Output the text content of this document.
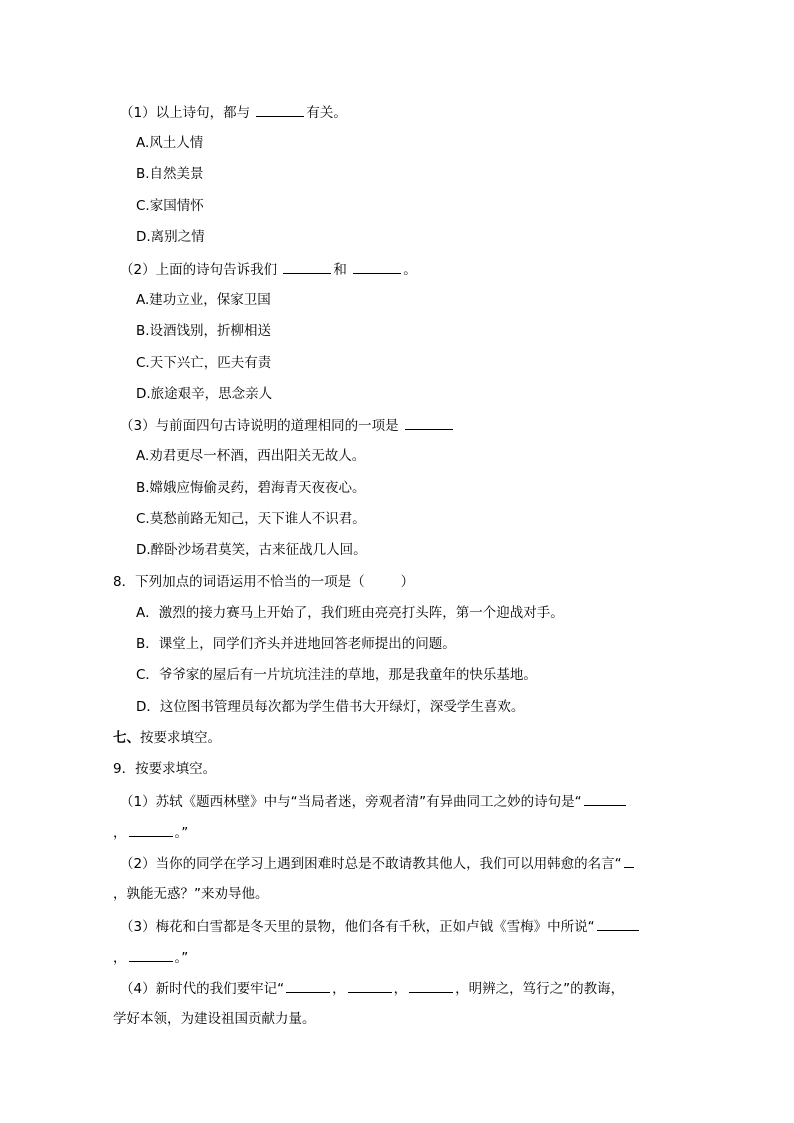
（1）以上诗句，都与	有关。
A.风土人情
B.自然美景
C.家国情怀
D.离别之情
（2）上面的诗句告诉我们	和	。
A.建功立业，保家卫国
B.设酒饯别，折柳相送
C.天下兴亡，匹夫有责
D.旅途艰辛，思念亲人
（3）与前面四句古诗说明的道理相同的一项是
A.劝君更尽一杯酒，西出阳关无故人。
B.嫦娥应悔偷灵药，碧海青天夜夜心。
C.莫愁前路无知己，天下谁人不识君。
D.醉卧沙场君莫笑，古来征战几人回。
8．下列加点的词语运用不恰当的一项是（	）
A．激烈的接力赛马上开始了，我们班由亮亮打头阵，第一个迎战对手。
B．课堂上，同学们齐头并进地回答老师提出的问题。
C．爷爷家的屋后有一片坑坑洼洼的草地，那是我童年的快乐基地。
D．这位图书管理员每次都为学生借书大开绿灯，深受学生喜欢。
七、按要求填空。
9．按要求填空。
（1）苏轼《题西林壁》中与“当局者迷，旁观者清”有异曲同工之妙的诗句是“
，	。”
（2）当你的同学在学习上遇到困难时总是不敢请教其他人，我们可以用韩愈的名言“
，孰能无惑？”来劝导他。
（3）梅花和白雪都是冬天里的景物，他们各有千秋，正如卢钺《雪梅》中所说“
，	。”
（4）新时代的我们要牢记“	，	，	，明辨之，笃行之”的教诲，
学好本领，为建设祖国贡献力量。
